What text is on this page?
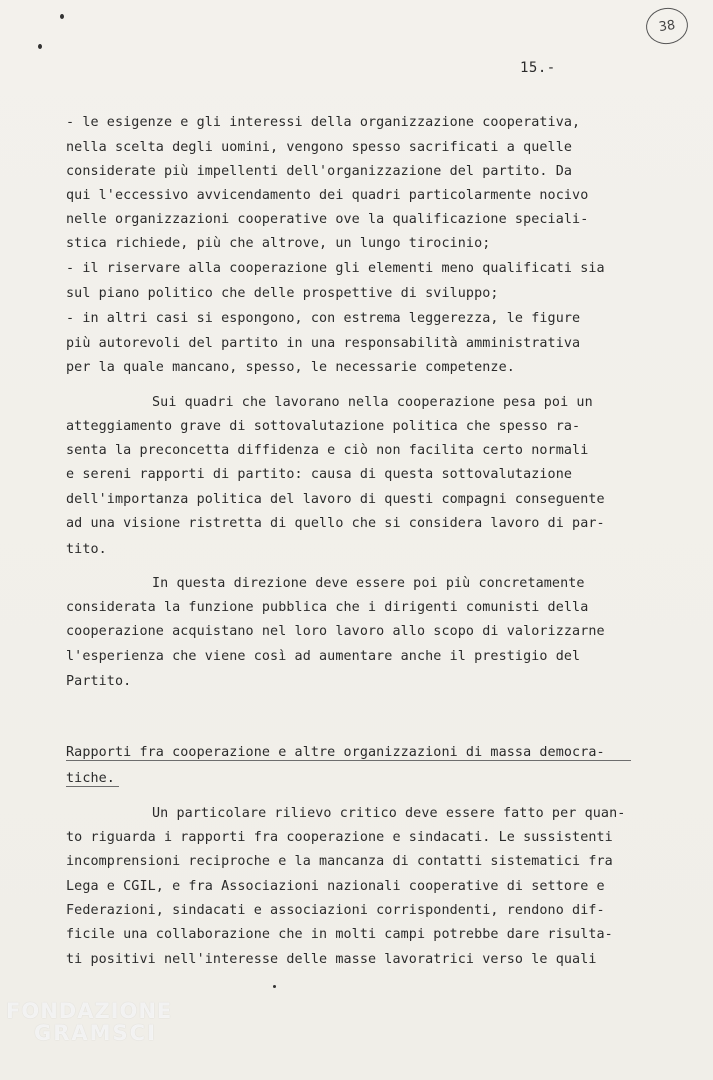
38
15.-
- le esigenze e gli interessi della organizzazione cooperativa,
nella scelta degli uomini, vengono spesso sacrificati a quelle
considerate più impellenti dell'organizzazione del partito. Da
qui l'eccessivo avvicendamento dei quadri particolarmente nocivo
nelle organizzazioni cooperative ove la qualificazione speciali-
stica richiede, più che altrove, un lungo tirocinio;
- il riservare alla cooperazione gli elementi meno qualificati sia
sul piano politico che delle prospettive di sviluppo;
- in altri casi si espongono, con estrema leggerezza, le figure
più autorevoli del partito in una responsabilità amministrativa
per la quale mancano, spesso, le necessarie competenze.
Sui quadri che lavorano nella cooperazione pesa poi un
atteggiamento grave di sottovalutazione politica che spesso ra-
senta la preconcetta diffidenza e ciò non facilita certo normali
e sereni rapporti di partito: causa di questa sottovalutazione
dell'importanza politica del lavoro di questi compagni conseguente
ad una visione ristretta di quello che si considera lavoro di par-
tito.
In questa direzione deve essere poi più concretamente
considerata la funzione pubblica che i dirigenti comunisti della
cooperazione acquistano nel loro lavoro allo scopo di valorizzarne
l'esperienza che viene così ad aumentare anche il prestigio del
Partito.
Rapporti fra cooperazione e altre organizzazioni di massa democra-
tiche.
Un particolare rilievo critico deve essere fatto per quan-
to riguarda i rapporti fra cooperazione e sindacati. Le sussistenti
incomprensioni reciproche e la mancanza di contatti sistematici fra
Lega e CGIL, e fra Associazioni nazionali cooperative di settore e
Federazioni, sindacati e associazioni corrispondenti, rendono dif-
ficile una collaborazione che in molti campi potrebbe dare risulta-
ti positivi nell'interesse delle masse lavoratrici verso le quali
FONDAZIONE
GRAMSCI
